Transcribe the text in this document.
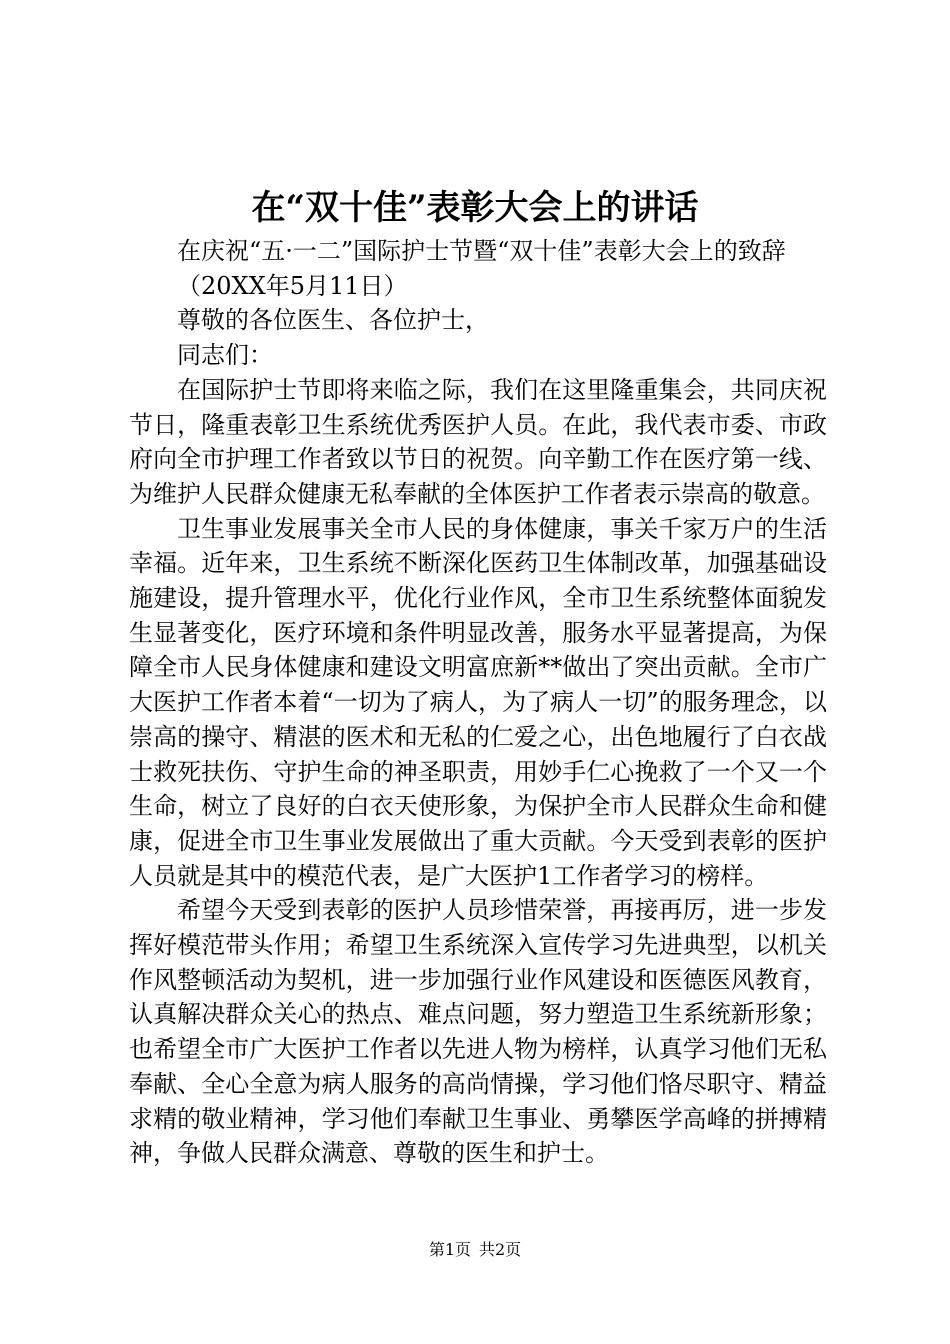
在“双十佳”表彰大会上的讲话

在庆祝“五·一二”国际护士节暨“双十佳”表彰大会上的致辞

（20XX年5月11日）

尊敬的各位医生、各位护士，

同志们：

在国际护士节即将来临之际，我们在这里隆重集会，共同庆祝节日，隆重表彰卫生系统优秀医护人员。在此，我代表市委、市政府向全市护理工作者致以节日的祝贺。向辛勤工作在医疗第一线、为维护人民群众健康无私奉献的全体医护工作者表示崇高的敬意。

卫生事业发展事关全市人民的身体健康，事关千家万户的生活幸福。近年来，卫生系统不断深化医药卫生体制改革，加强基础设施建设，提升管理水平，优化行业作风，全市卫生系统整体面貌发生显著变化，医疗环境和条件明显改善，服务水平显著提高，为保障全市人民身体健康和建设文明富庶新**做出了突出贡献。全市广大医护工作者本着“一切为了病人，为了病人一切”的服务理念，以崇高的操守、精湛的医术和无私的仁爱之心，出色地履行了白衣战士救死扶伤、守护生命的神圣职责，用妙手仁心挽救了一个又一个生命，树立了良好的白衣天使形象，为保护全市人民群众生命和健康，促进全市卫生事业发展做出了重大贡献。今天受到表彰的医护人员就是其中的模范代表，是广大医护1工作者学习的榜样。

希望今天受到表彰的医护人员珍惜荣誉，再接再厉，进一步发挥好模范带头作用；希望卫生系统深入宣传学习先进典型，以机关作风整顿活动为契机，进一步加强行业作风建设和医德医风教育，认真解决群众关心的热点、难点问题，努力塑造卫生系统新形象；也希望全市广大医护工作者以先进人物为榜样，认真学习他们无私奉献、全心全意为病人服务的高尚情操，学习他们恪尽职守、精益求精的敬业精神，学习他们奉献卫生事业、勇攀医学高峰的拼搏精神，争做人民群众满意、尊敬的医生和护士。

第1页 共2页
